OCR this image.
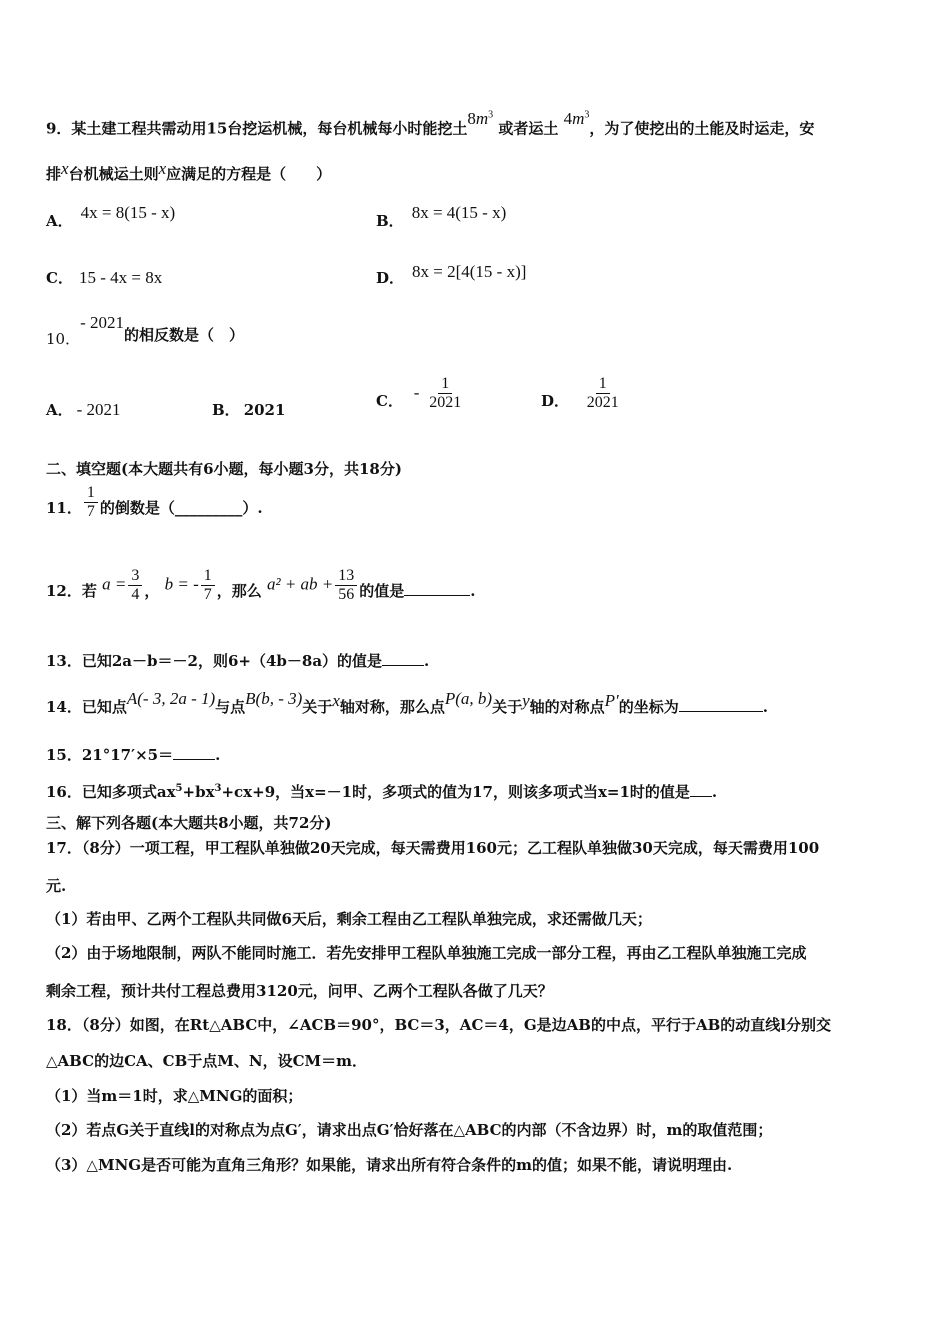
9．某土建工程共需动用15台挖运机械，每台机械每小时能挖土$8m^3$ 或者运土 $4m^3$，为了使挖出的土能及时运走，安
排x台机械运土则x应满足的方程是（　　）
A． 4x = 8(15 - x)	B． 8x = 4(15 - x)
C． 15 - 4x = 8x	D． 8x = 2[4(15 - x)]
10．- 2021的相反数是（　）
A． - 2021	B． 2021
C． - $\frac{1}{2021}$	D． $\frac{1}{2021}$
二、填空题(本大题共有6小题，每小题3分，共18分)
11． $\frac{1}{7}$ 的倒数是（_________）.
12．若 $a = \frac{3}{4}$ ， b = - $\frac{1}{7}$ ，那么 a² + ab + $\frac{13}{56}$ 的值是	.
13．已知2a－b＝－2，则6+（4b－8a）的值是	.
14．已知点A(- 3, 2a - 1)与点B(b, - 3)关于x轴对称，那么点P(a, b)关于y轴的对称点P′的坐标为	.
15．21°17′×5＝	.
16．已知多项式$ax^5+bx^3+cx+9$，当x=－1时，多项式的值为17，则该多项式当x=1时的值是 .
三、解下列各题(本大题共8小题，共72分)
17．（8分）一项工程，甲工程队单独做20天完成，每天需费用160元；乙工程队单独做30天完成，每天需费用100
元.
（1）若由甲、乙两个工程队共同做6天后，剩余工程由乙工程队单独完成，求还需做几天；
（2）由于场地限制，两队不能同时施工．若先安排甲工程队单独施工完成一部分工程，再由乙工程队单独施工完成
剩余工程，预计共付工程总费用3120元，问甲、乙两个工程队各做了几天？
18．（8分）如图，在Rt△ABC中，∠ACB＝90°，BC＝3，AC＝4，G是边AB的中点，平行于AB的动直线l分别交
△ABC的边CA、CB于点M、N，设CM＝m．
（1）当m＝1时，求△MNG的面积；
（2）若点G关于直线l的对称点为点G′，请求出点G′恰好落在△ABC的内部（不含边界）时，m的取值范围；
（3）△MNG是否可能为直角三角形？如果能，请求出所有符合条件的m的值；如果不能，请说明理由.
